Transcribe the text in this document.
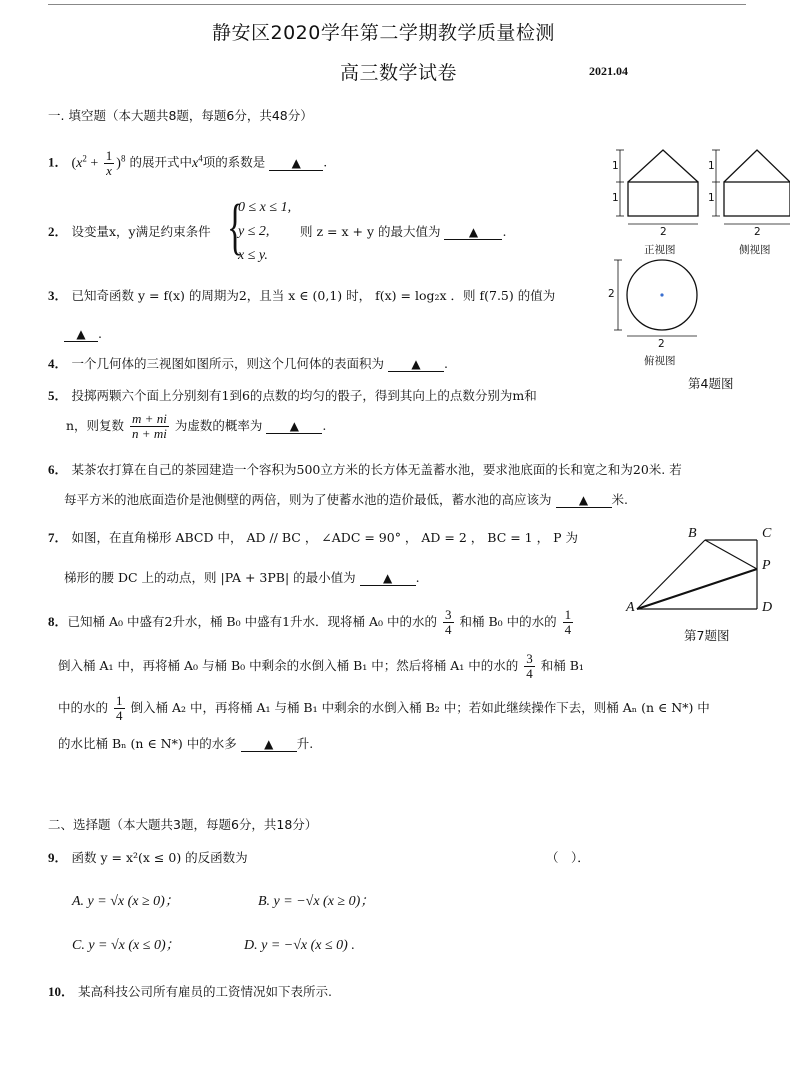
静安区2020学年第二学期教学质量检测
高三数学试卷	2021.04
一. 填空题（本大题共8题，每题6分，共48分）
1． $(x^2 + \frac{1}{x} )^8$ 的展开式中$x^4$项的系数是 ▲ .
2． 设变量x，y满足约束条件 {
0 ≤ x ≤ 1,
y ≤ 2,
x ≤ y.
则 z = x + y 的最大值为 ▲ .
3． 已知奇函数 y = f(x) 的周期为2，且当 x ∈ (0,1) 时， f(x) = log₂x ．则 f(7.5) 的值为
▲ .
4． 一个几何体的三视图如图所示，则这个几何体的表面积为 ▲ .
5． 投掷两颗六个面上分别刻有1到6的点数的均匀的骰子，得到其向上的点数分别为m和
n，则复数 $\frac{m + ni}{n + mi}$ 为虚数的概率为 ▲ .
6． 某茶农打算在自己的茶园建造一个容积为500立方米的长方体无盖蓄水池，要求池底面的长和宽之和为20米. 若
每平方米的池底面造价是池侧壁的两倍，则为了使蓄水池的造价最低，蓄水池的高应该为 ▲ 米.
7． 如图，在直角梯形 ABCD 中， AD // BC ， ∠ADC = 90° ， AD = 2 ， BC = 1 ， P 为
梯形的腰 DC 上的动点，则 |PA + 3PB| 的最小值为 ▲ .
8．已知桶 A₀ 中盛有2升水，桶 B₀ 中盛有1升水．现将桶 A₀ 中的水的 $\frac{3}{4}$ 和桶 B₀ 中的水的 $\frac{1}{4}$
倒入桶 A₁ 中，再将桶 A₀ 与桶 B₀ 中剩余的水倒入桶 B₁ 中；然后将桶 A₁ 中的水的 $\frac{3}{4}$ 和桶 B₁
中的水的 $\frac{1}{4}$ 倒入桶 A₂ 中，再将桶 A₁ 与桶 B₁ 中剩余的水倒入桶 B₂ 中；若如此继续操作下去，则桶 Aₙ (n ∈ N*) 中
的水比桶 Bₙ (n ∈ N*) 中的水多 ▲ 升.
二、选择题（本大题共3题，每题6分，共18分）
9． 函数 y = x²(x ≤ 0) 的反函数为	（　）．
A. y = √x (x ≥ 0)；	B. y = −√x (x ≥ 0)；
C. y = √x (x ≤ 0)；	D. y = −√x (x ≤ 0) .
10． 某高科技公司所有雇员的工资情况如下表所示.
1
1
1
1
2	2
正视图	侧视图
2
2
俯视图
第4题图
A
B	C
P
D
第7题图
